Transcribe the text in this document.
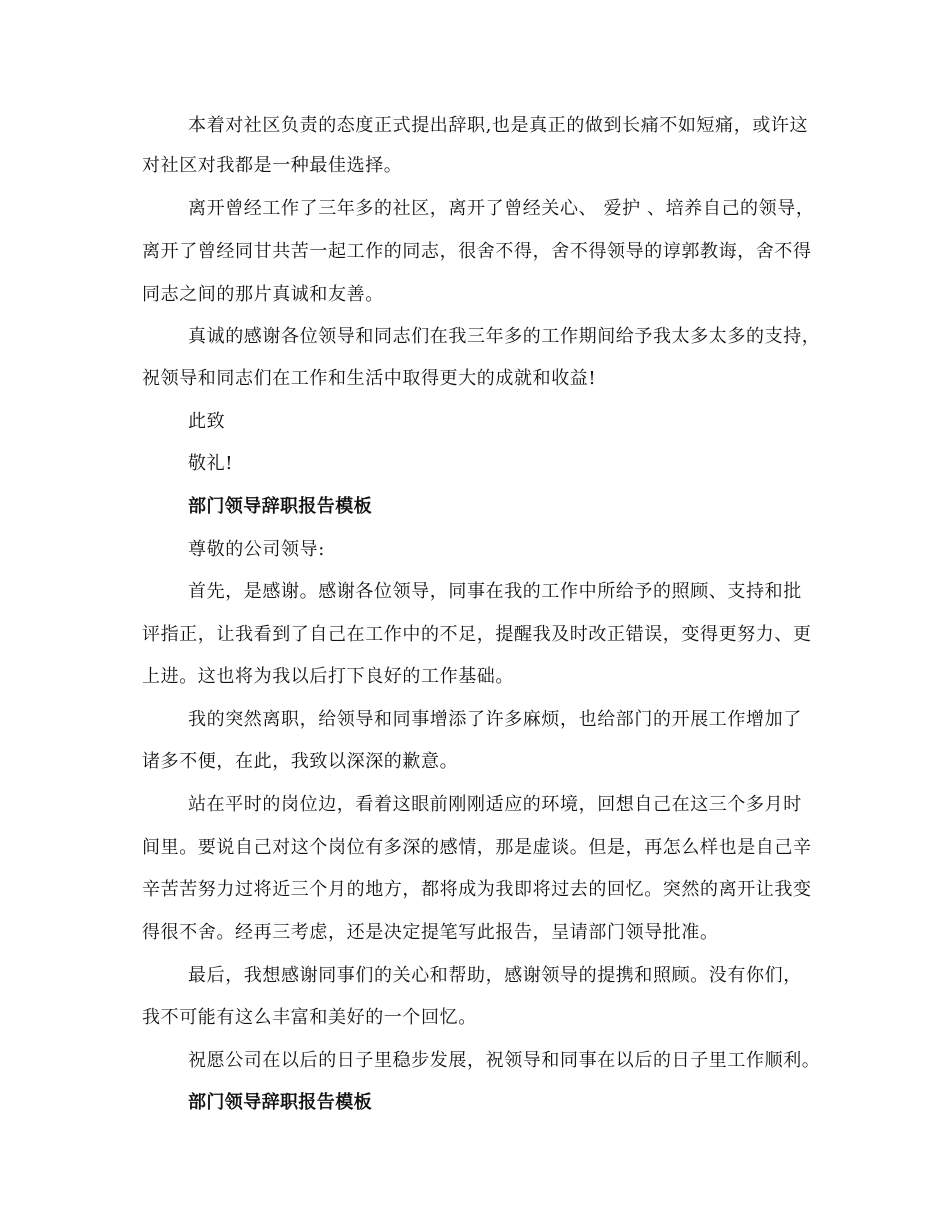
本着对社区负责的态度正式提出辞职,也是真正的做到长痛不如短痛，或许这
对社区对我都是一种最佳选择。
离开曾经工作了三年多的社区，离开了曾经关心、 爱护 、培养自己的领导，
离开了曾经同甘共苦一起工作的同志，很舍不得，舍不得领导的谆郭教诲，舍不得
同志之间的那片真诚和友善。
真诚的感谢各位领导和同志们在我三年多的工作期间给予我太多太多的支持，
祝领导和同志们在工作和生活中取得更大的成就和收益!
此致
敬礼!
部门领导辞职报告模板
尊敬的公司领导:
首先，是感谢。感谢各位领导，同事在我的工作中所给予的照顾、支持和批
评指正，让我看到了自己在工作中的不足，提醒我及时改正错误，变得更努力、更
上进。这也将为我以后打下良好的工作基础。
我的突然离职，给领导和同事增添了许多麻烦，也给部门的开展工作增加了
诸多不便，在此，我致以深深的歉意。
站在平时的岗位边，看着这眼前刚刚适应的环境，回想自己在这三个多月时
间里。要说自己对这个岗位有多深的感情，那是虚谈。但是，再怎么样也是自己辛
辛苦苦努力过将近三个月的地方，都将成为我即将过去的回忆。突然的离开让我变
得很不舍。经再三考虑，还是决定提笔写此报告，呈请部门领导批准。
最后，我想感谢同事们的关心和帮助，感谢领导的提携和照顾。没有你们，
我不可能有这么丰富和美好的一个回忆。
祝愿公司在以后的日子里稳步发展，祝领导和同事在以后的日子里工作顺利。
部门领导辞职报告模板
